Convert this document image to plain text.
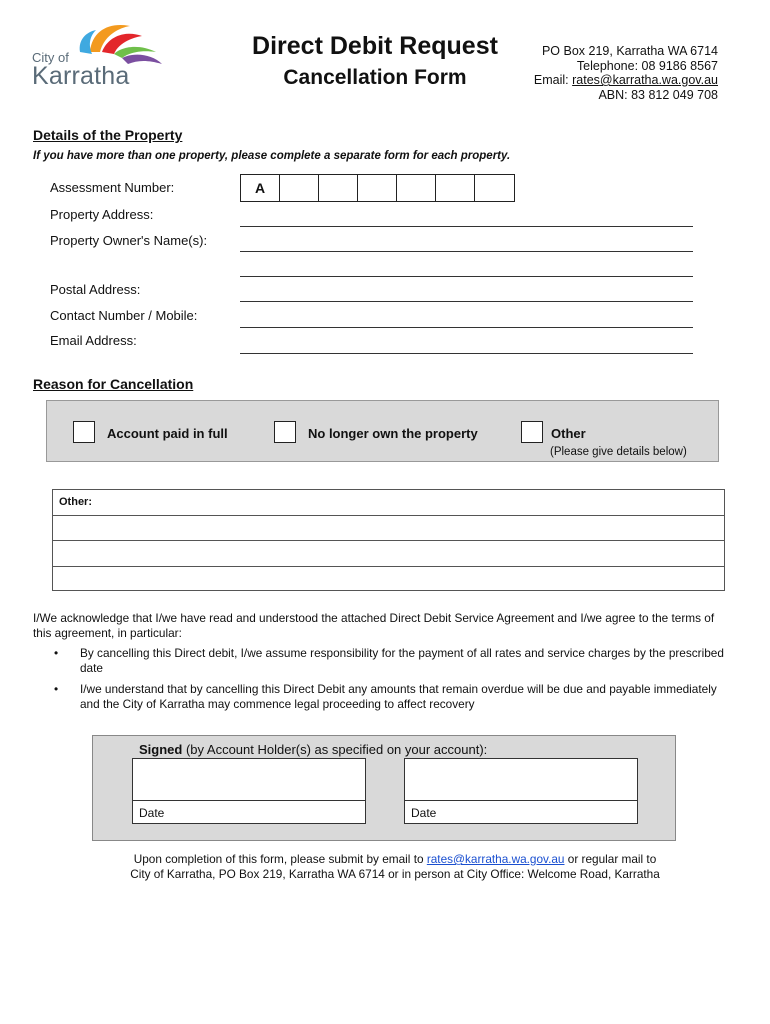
City of
Karratha
Direct Debit Request
Cancellation Form
PO Box 219, Karratha WA 6714
Telephone: 08 9186 8567
Email: rates@karratha.wa.gov.au
ABN: 83 812 049 708
Details of the Property
If you have more than one property, please complete a separate form for each property.
Assessment Number:	A
Property Address:
Property Owner's Name(s):
Postal Address:
Contact Number / Mobile:
Email Address:
Reason for Cancellation
Account paid in full	No longer own the property	Other
(Please give details below)
Other:
I/We acknowledge that I/we have read and understood the attached Direct Debit Service Agreement and I/we agree to the terms of this agreement, in particular:
• By cancelling this Direct debit, I/we assume responsibility for the payment of all rates and service charges by the prescribed date
• I/we understand that by cancelling this Direct Debit any amounts that remain overdue will be due and payable immediately and the City of Karratha may commence legal proceeding to affect recovery
Signed (by Account Holder(s) as specified on your account):
Date	Date
Upon completion of this form, please submit by email to rates@karratha.wa.gov.au or regular mail to
City of Karratha, PO Box 219, Karratha WA 6714 or in person at City Office: Welcome Road, Karratha
